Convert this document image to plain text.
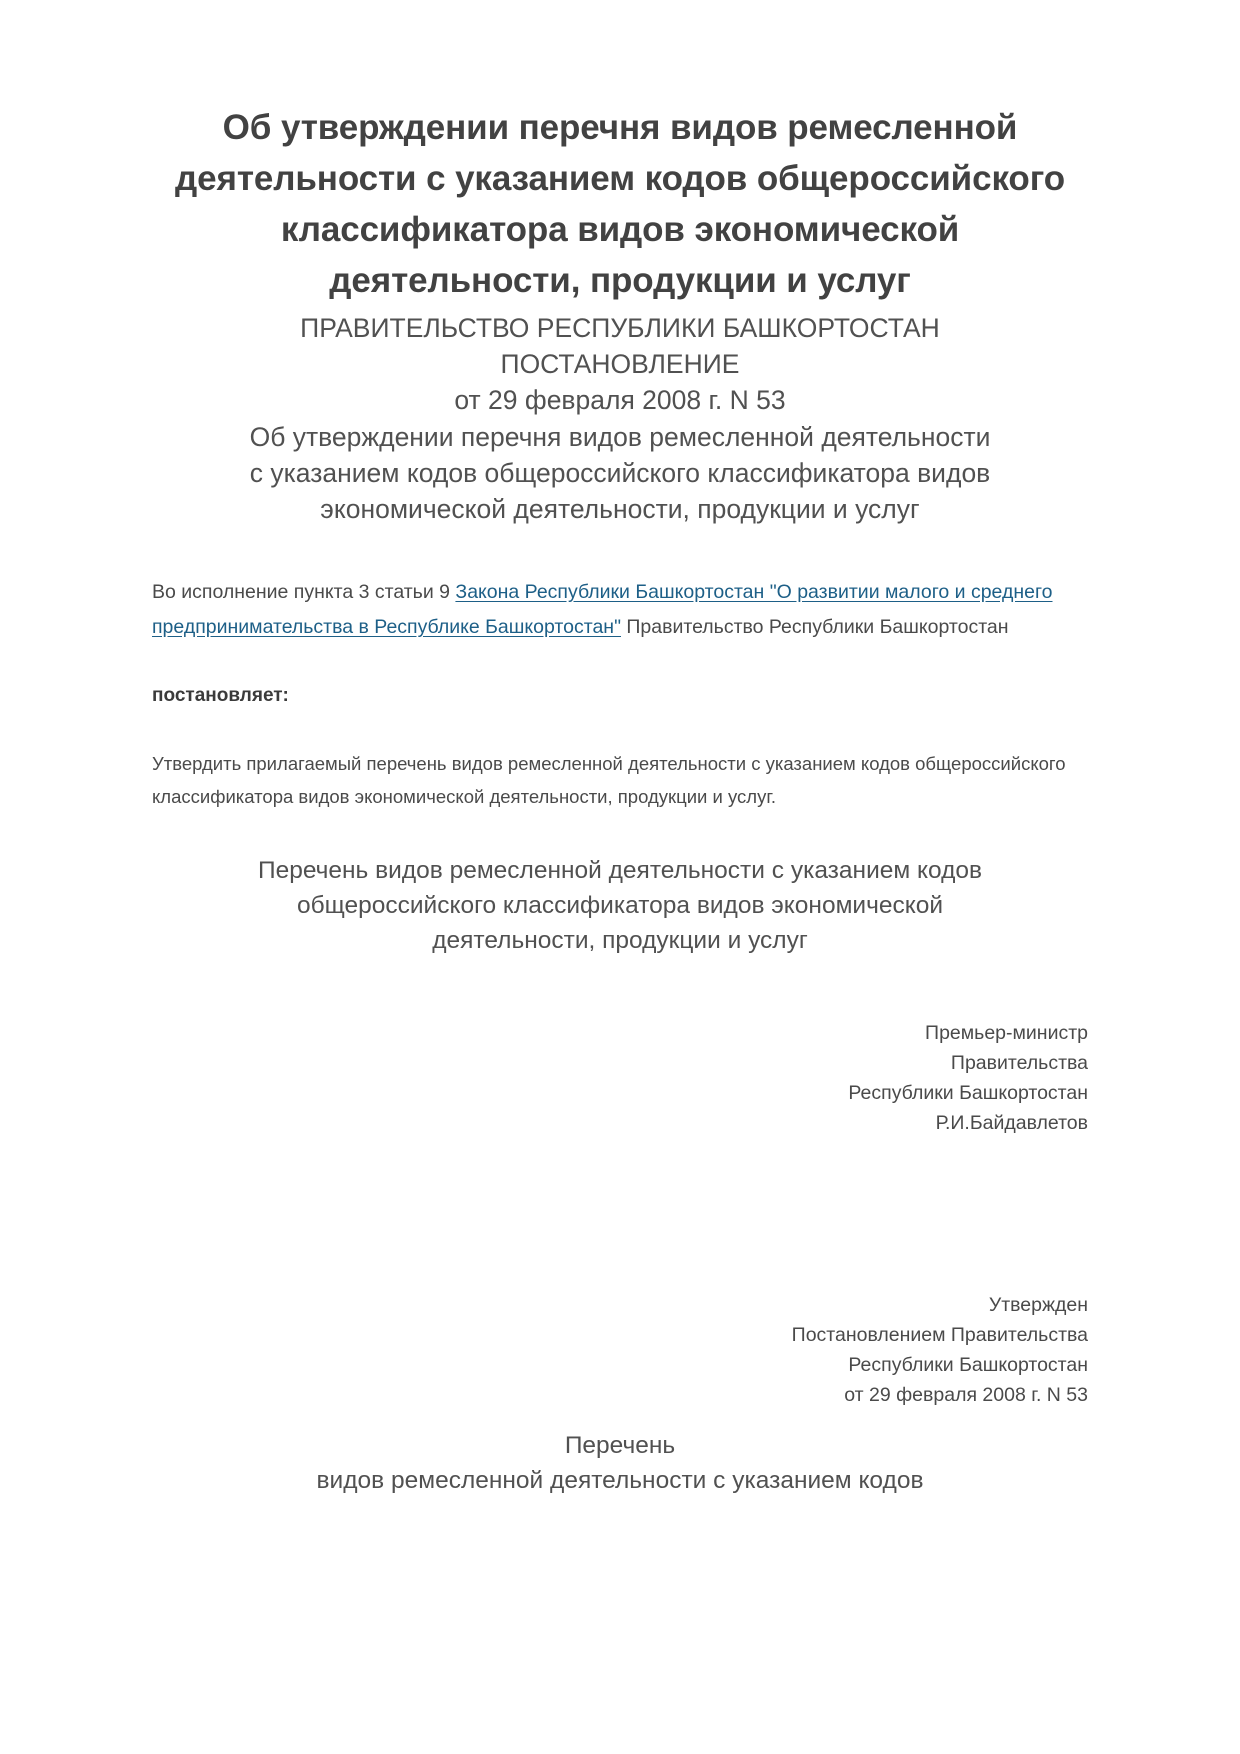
Об утверждении перечня видов ремесленной деятельности с указанием кодов общероссийского классификатора видов экономической деятельности, продукции и услуг
ПРАВИТЕЛЬСТВО РЕСПУБЛИКИ БАШКОРТОСТАН
ПОСТАНОВЛЕНИЕ
от 29 февраля 2008 г. N 53
Об утверждении перечня видов ремесленной деятельности
с указанием кодов общероссийского классификатора видов
экономической деятельности, продукции и услуг

Во исполнение пункта 3 статьи 9 Закона Республики Башкортостан "О развитии малого и среднего предпринимательства в Республике Башкортостан" Правительство Республики Башкортостан

постановляет:

Утвердить прилагаемый перечень видов ремесленной деятельности с указанием кодов общероссийского классификатора видов экономической деятельности, продукции и услуг.

Перечень видов ремесленной деятельности с указанием кодов
общероссийского классификатора видов экономической
деятельности, продукции и услуг
Премьер-министр
Правительства
Республики Башкортостан
Р.И.Байдавлетов
Утвержден
Постановлением Правительства
Республики Башкортостан
от 29 февраля 2008 г. N 53
Перечень
видов ремесленной деятельности с указанием кодов
